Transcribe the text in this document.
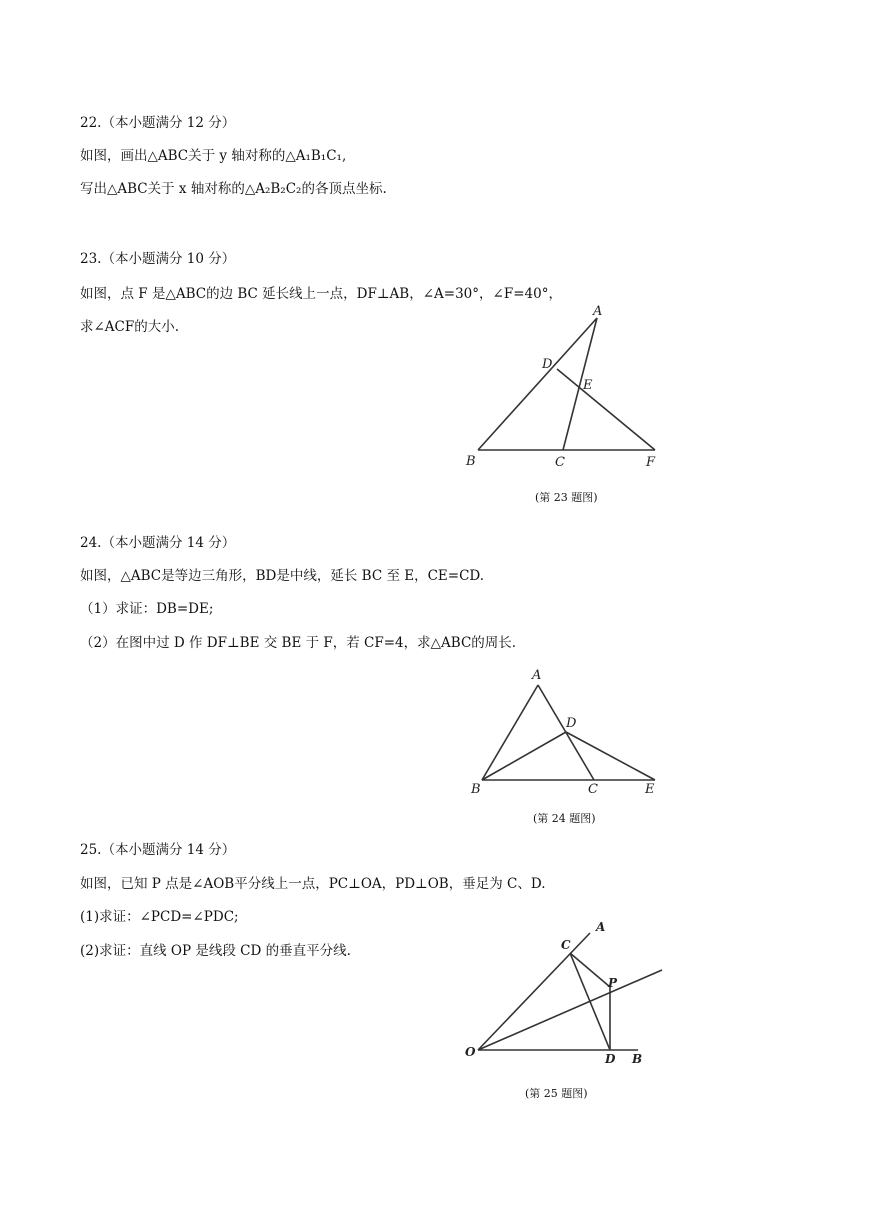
22.（本小题满分 12 分）
如图，画出△ABC关于 y 轴对称的△A₁B₁C₁,
写出△ABC关于 x 轴对称的△A₂B₂C₂的各顶点坐标.
23.（本小题满分 10 分）
如图，点 F 是△ABC的边 BC 延长线上一点，DF⊥AB，∠A=30°，∠F=40°，
求∠ACF的大小.
A
D
E
B	C	F
(第 23 题图)
24.（本小题满分 14 分）
如图，△ABC是等边三角形，BD是中线，延长 BC 至 E，CE=CD.
（1）求证：DB=DE;
（2）在图中过 D 作 DF⊥BE 交 BE 于 F，若 CF=4，求△ABC的周长.
A
D
B	C	E
(第 24 题图)
25.（本小题满分 14 分）
如图，已知 P 点是∠AOB平分线上一点，PC⊥OA，PD⊥OB，垂足为 C、D.
(1)求证：∠PCD=∠PDC;
(2)求证：直线 OP 是线段 CD 的垂直平分线.
A
C
P
O	D B
(第 25 题图)
